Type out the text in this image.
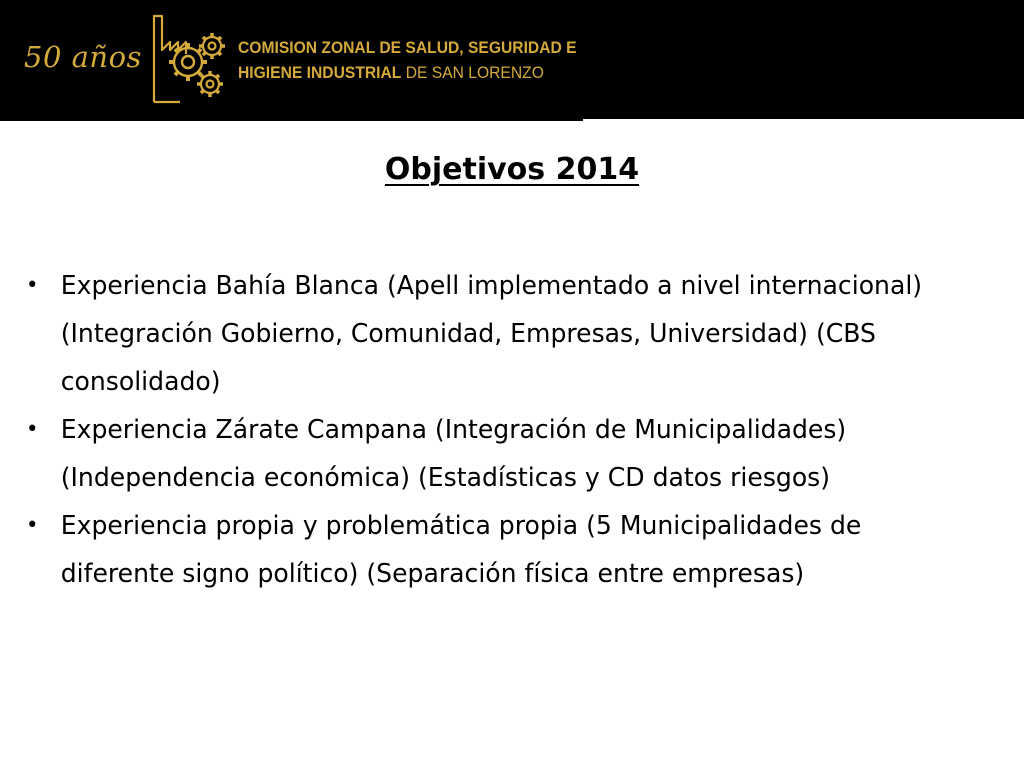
50 años	COMISION ZONAL DE SALUD, SEGURIDAD E
HIGIENE INDUSTRIAL DE SAN LORENZO
Objetivos 2014
• Experiencia Bahía Blanca (Apell implementado a nivel internacional) (Integración Gobierno, Comunidad, Empresas, Universidad) (CBS consolidado)
• Experiencia Zárate Campana (Integración de Municipalidades) (Independencia económica) (Estadísticas y CD datos riesgos)
• Experiencia propia y problemática propia (5 Municipalidades de diferente signo político) (Separación física entre empresas)
